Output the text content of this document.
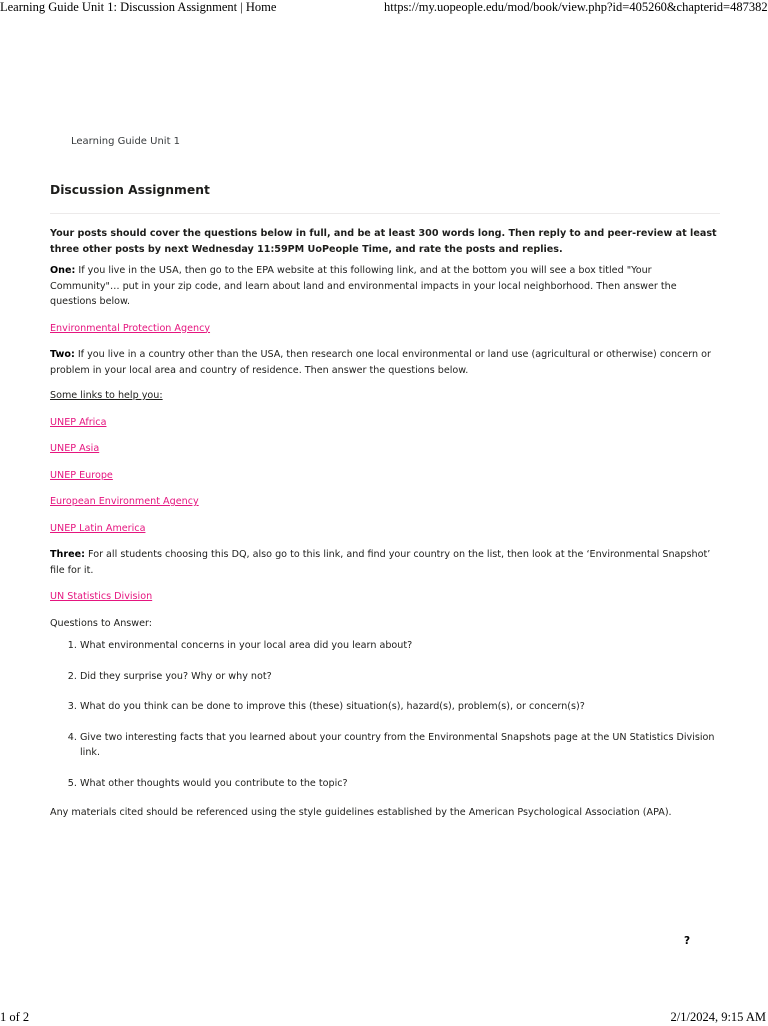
Learning Guide Unit 1: Discussion Assignment | Home	https://my.uopeople.edu/mod/book/view.php?id=405260&chapterid=487382
Learning Guide Unit 1
Discussion Assignment

Your posts should cover the questions below in full, and be at least 300 words long. Then reply to and peer-review at least three other posts by next Wednesday 11:59PM UoPeople Time, and rate the posts and replies.

One: If you live in the USA, then go to the EPA website at this following link, and at the bottom you will see a box titled "Your Community"… put in your zip code, and learn about land and environmental impacts in your local neighborhood. Then answer the questions below.

Environmental Protection Agency

Two: If you live in a country other than the USA, then research one local environmental or land use (agricultural or otherwise) concern or problem in your local area and country of residence. Then answer the questions below.

Some links to help you:

UNEP Africa
UNEP Asia
UNEP Europe
European Environment Agency
UNEP Latin America

Three: For all students choosing this DQ, also go to this link, and find your country on the list, then look at the ‘Environmental Snapshot’ file for it.

UN Statistics Division

Questions to Answer:

1. What environmental concerns in your local area did you learn about?
2. Did they surprise you? Why or why not?
3. What do you think can be done to improve this (these) situation(s), hazard(s), problem(s), or concern(s)?
4. Give two interesting facts that you learned about your country from the Environmental Snapshots page at the UN Statistics Division link.
5. What other thoughts would you contribute to the topic?

Any materials cited should be referenced using the style guidelines established by the American Psychological Association (APA).

?
1 of 2	2/1/2024, 9:15 AM
